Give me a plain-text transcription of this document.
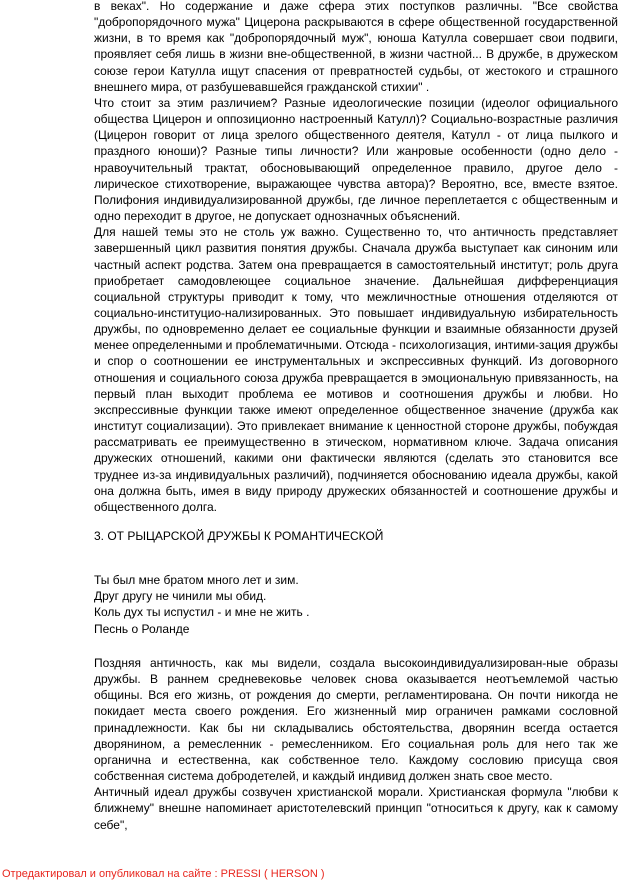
в веках". Но содержание и даже сфера этих поступков различны. "Все свойства "добропорядочного мужа" Цицерона раскрываются в сфере общественной государственной жизни, в то время как "добропорядочный муж", юноша Катулла совершает свои подвиги, проявляет себя лишь в жизни вне-общественной, в жизни частной... В дружбе, в дружеском союзе герои Катулла ищут спасения от превратностей судьбы, от жестокого и страшного внешнего мира, от разбушевавшейся гражданской стихии" .

Что стоит за этим различием? Разные идеологические позиции (идеолог официального общества Цицерон и оппозиционно настроенный Катулл)? Социально-возрастные различия (Цицерон говорит от лица зрелого общественного деятеля, Катулл - от лица пылкого и праздного юноши)? Разные типы личности? Или жанровые особенности (одно дело - нравоучительный трактат, обосновывающий определенное правило, другое дело - лирическое стихотворение, выражающее чувства автора)? Вероятно, все, вместе взятое. Полифония индивидуализированной дружбы, где личное переплетается с общественным и одно переходит в другое, не допускает однозначных объяснений.

Для нашей темы это не столь уж важно. Существенно то, что античность представляет завершенный цикл развития понятия дружбы. Сначала дружба выступает как синоним или частный аспект родства. Затем она превращается в самостоятельный институт; роль друга приобретает самодовлеющее социальное значение. Дальнейшая дифференциация социальной структуры приводит к тому, что межличностные отношения отделяются от социально-институцио-нализированных. Это повышает индивидуальную избирательность дружбы, по одновременно делает ее социальные функции и взаимные обязанности друзей менее определенными и проблематичными. Отсюда - психологизация, интими-зация дружбы и спор о соотношении ее инструментальных и экспрессивных функций. Из договорного отношения и социального союза дружба превращается в эмоциональную привязанность, на первый план выходит проблема ее мотивов и соотношения дружбы и любви. Но экспрессивные функции также имеют определенное общественное значение (дружба как институт социализации). Это привлекает внимание к ценностной стороне дружбы, побуждая рассматривать ее преимущественно в этическом, нормативном ключе. Задача описания дружеских отношений, какими они фактически являются (сделать это становится все труднее из-за индивидуальных различий), подчиняется обоснованию идеала дружбы, какой она должна быть, имея в виду природу дружеских обязанностей и соотношение дружбы и общественного долга.

3. ОТ РЫЦАРСКОЙ ДРУЖБЫ К РОМАНТИЧЕСКОЙ
Ты был мне братом много лет и зим.
Друг другу не чинили мы обид.
Коль дух ты испустил - и мне не жить .
Песнь о Роланде

Поздняя античность, как мы видели, создала высокоиндивидуализирован-ные образы дружбы. В раннем средневековье человек снова оказывается неотъемлемой частью общины. Вся его жизнь, от рождения до смерти, регламентирована. Он почти никогда не покидает места своего рождения. Его жизненный мир ограничен рамками сословной принадлежности. Как бы ни складывались обстоятельства, дворянин всегда остается дворянином, а ремесленник - ремесленником. Его социальная роль для него так же органична и естественна, как собственное тело. Каждому сословию присуща своя собственная система добродетелей, и каждый индивид должен знать свое место.

Античный идеал дружбы созвучен христианской морали. Христианская формула "любви к ближнему" внешне напоминает аристотелевский принцип "относиться к другу, как к самому себе",

Отредактировал и опубликовал на сайте : PRESSI ( HERSON )
